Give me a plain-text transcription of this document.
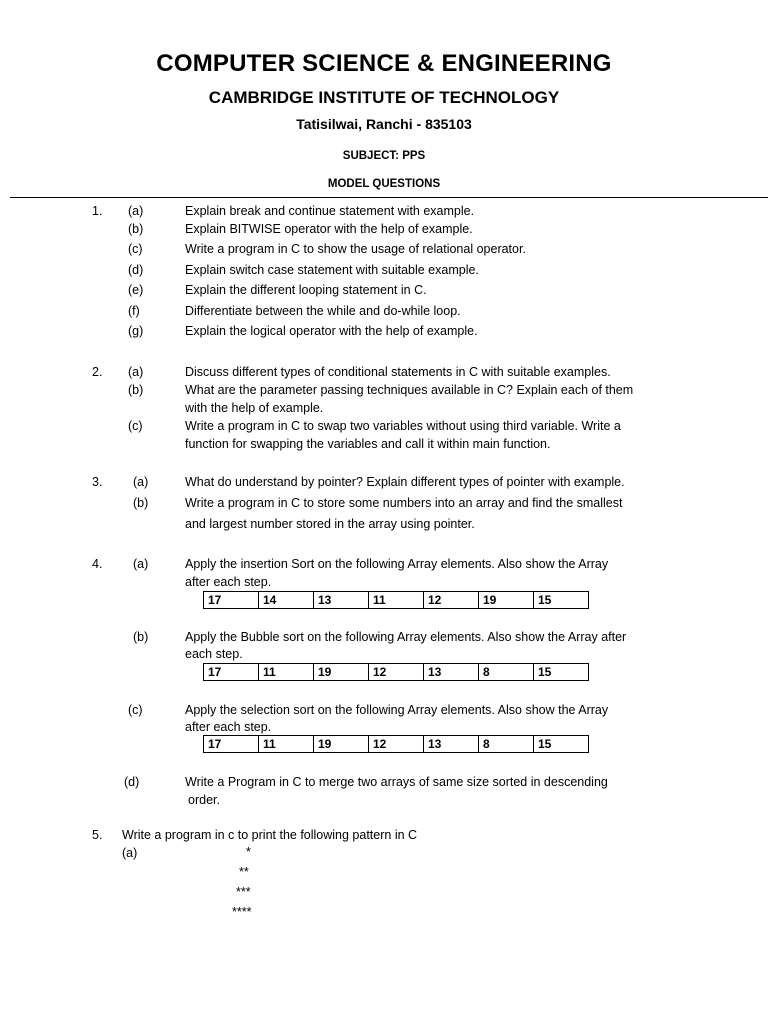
COMPUTER SCIENCE & ENGINEERING
CAMBRIDGE INSTITUTE OF TECHNOLOGY
Tatisilwai, Ranchi - 835103
SUBJECT: PPS
MODEL QUESTIONS
1. (a)	Explain break and continue statement with example.
(b)	Explain BITWISE operator with the help of example.
(c)	Write a program in C to show the usage of relational operator.
(d)	Explain switch case statement with suitable example.
(e)	Explain the different looping statement in C.
(f)	Differentiate between the while and do-while loop.
(g)	Explain the logical operator with the help of example.
2. (a)	Discuss different types of conditional statements in C with suitable examples.
(b)	What are the parameter passing techniques available in C? Explain each of them
with the help of example.
(c)	Write a program in C to swap two variables without using third variable. Write a
function for swapping the variables and call it within main function.
3. (a)	What do understand by pointer? Explain different types of pointer with example.
(b)	Write a program in C to store some numbers into an array and find the smallest
and largest number stored in the array using pointer.
4. (a)	Apply the insertion Sort on the following Array elements. Also show the Array
after each step.
17	14	13	11	12	19	15
(b)	Apply the Bubble sort on the following Array elements. Also show the Array after
each step.
17	11	19	12	13	8	15
(c)	Apply the selection sort on the following Array elements. Also show the Array
after each step.
17	11	19	12	13	8	15
(d)	Write a Program in C to merge two arrays of same size sorted in descending
order.
5. Write a program in c to print the following pattern in C
(a)	*
**
***
****
